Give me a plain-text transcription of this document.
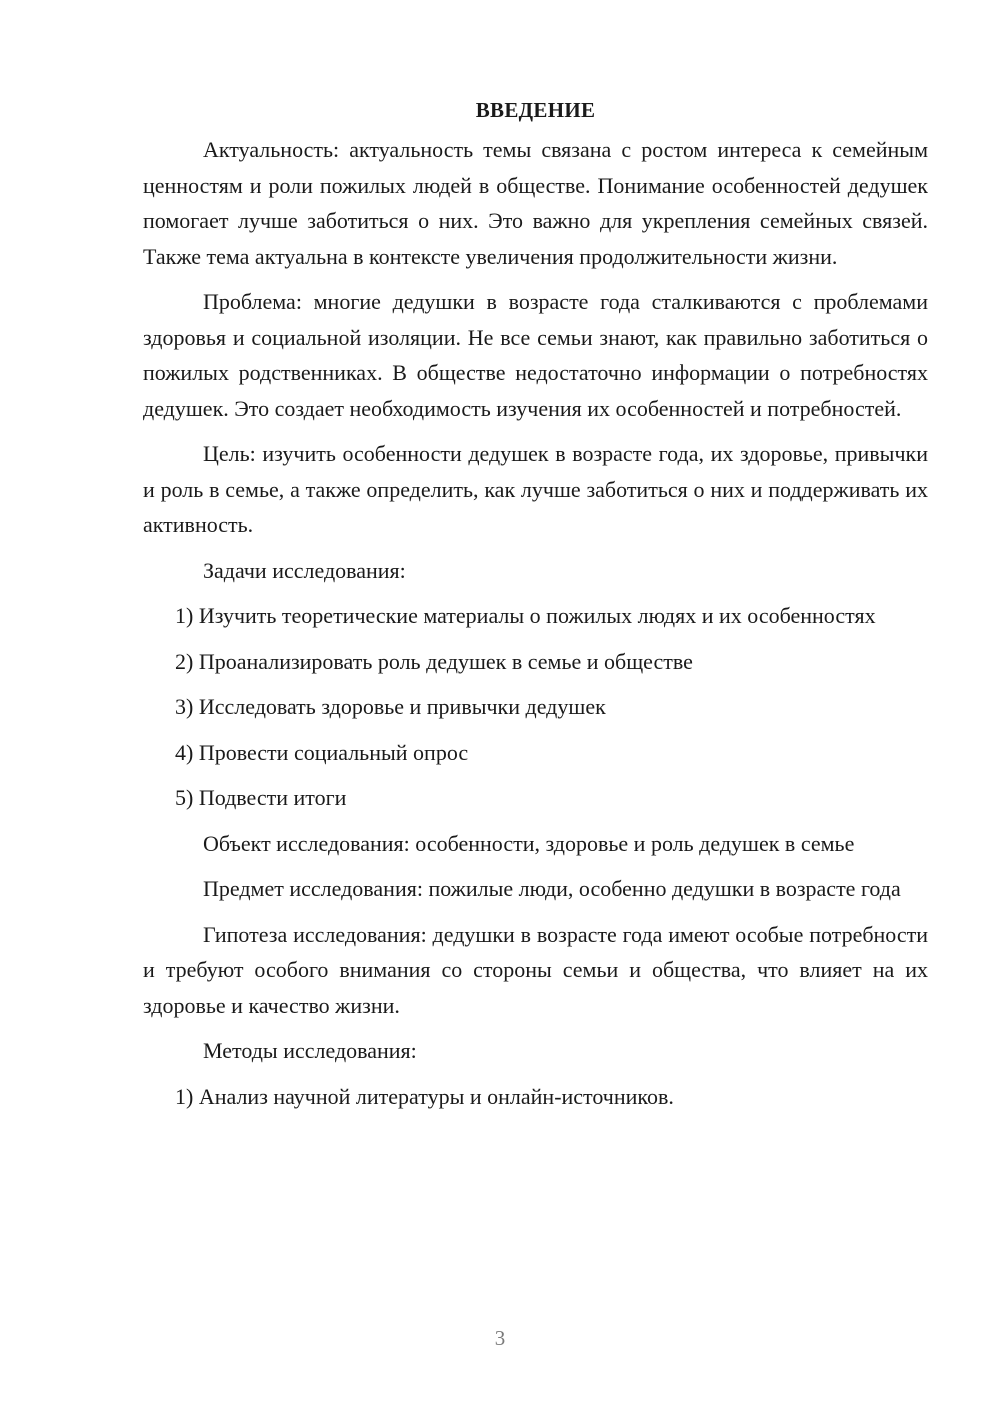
ВВЕДЕНИЕ

Актуальность: актуальность темы связана с ростом интереса к семейным ценностям и роли пожилых людей в обществе. Понимание особенностей дедушек помогает лучше заботиться о них. Это важно для укрепления семейных связей. Также тема актуальна в контексте увеличения продолжительности жизни.

Проблема: многие дедушки в возрасте года сталкиваются с проблемами здоровья и социальной изоляции. Не все семьи знают, как правильно заботиться о пожилых родственниках. В обществе недостаточно информации о потребностях дедушек. Это создает необходимость изучения их особенностей и потребностей.

Цель: изучить особенности дедушек в возрасте года, их здоровье, привычки и роль в семье, а также определить, как лучше заботиться о них и поддерживать их активность.

Задачи исследования:

1) Изучить теоретические материалы о пожилых людях и их особенностях

2) Проанализировать роль дедушек в семье и обществе

3) Исследовать здоровье и привычки дедушек

4) Провести социальный опрос

5) Подвести итоги

Объект исследования: особенности, здоровье и роль дедушек в семье

Предмет исследования: пожилые люди, особенно дедушки в возрасте года

Гипотеза исследования: дедушки в возрасте года имеют особые потребности и требуют особого внимания со стороны семьи и общества, что влияет на их здоровье и качество жизни.

Методы исследования:

1) Анализ научной литературы и онлайн-источников.

3
